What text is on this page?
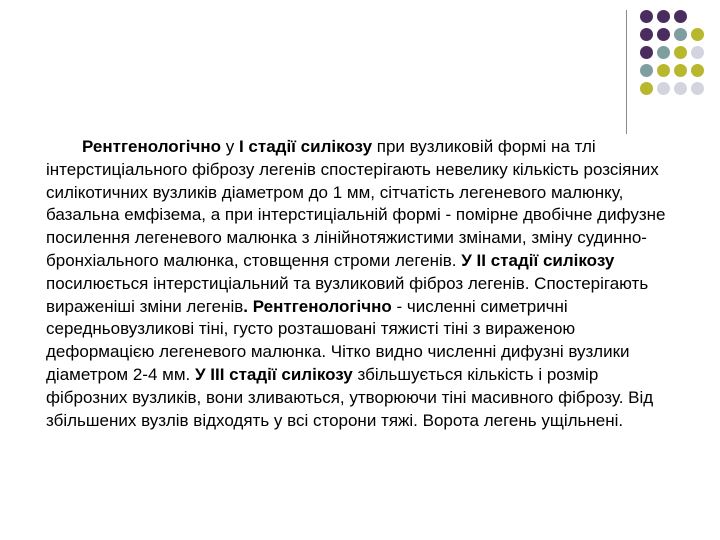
Рентгенологічно у І стадії силікозу при вузликовій формі на тлі інтерстиціального фіброзу легенів спостерігають невелику кількість розсіяних силікотичних вузликів діаметром до 1 мм, сітчатість легеневого малюнку, базальна емфізема, а при інтерстиціальній формі - помірне двобічне дифузне посилення легеневого малюнка з лінійнотяжистими змінами, зміну судинно-бронхіального малюнка, стовщення строми легенів. У ІІ стадії силікозу посилюється інтерстиціальний та вузликовий фіброз легенів. Спостерігають виражeніші зміни легенів. Рентгенологічно - численні симетричні середньовузликові тіні, густо розташовані тяжисті тіні з вираженою деформацією легеневого малюнка. Чітко видно численні дифузні вузлики діаметром 2-4 мм. У ІІІ стадії силікозу збільшується кількість і розмір фіброзних вузликів, вони зливаються, утворюючи тіні масивного фіброзу. Від збільшених вузлів відходять у всі сторони тяжі. Ворота легень ущільнені.
